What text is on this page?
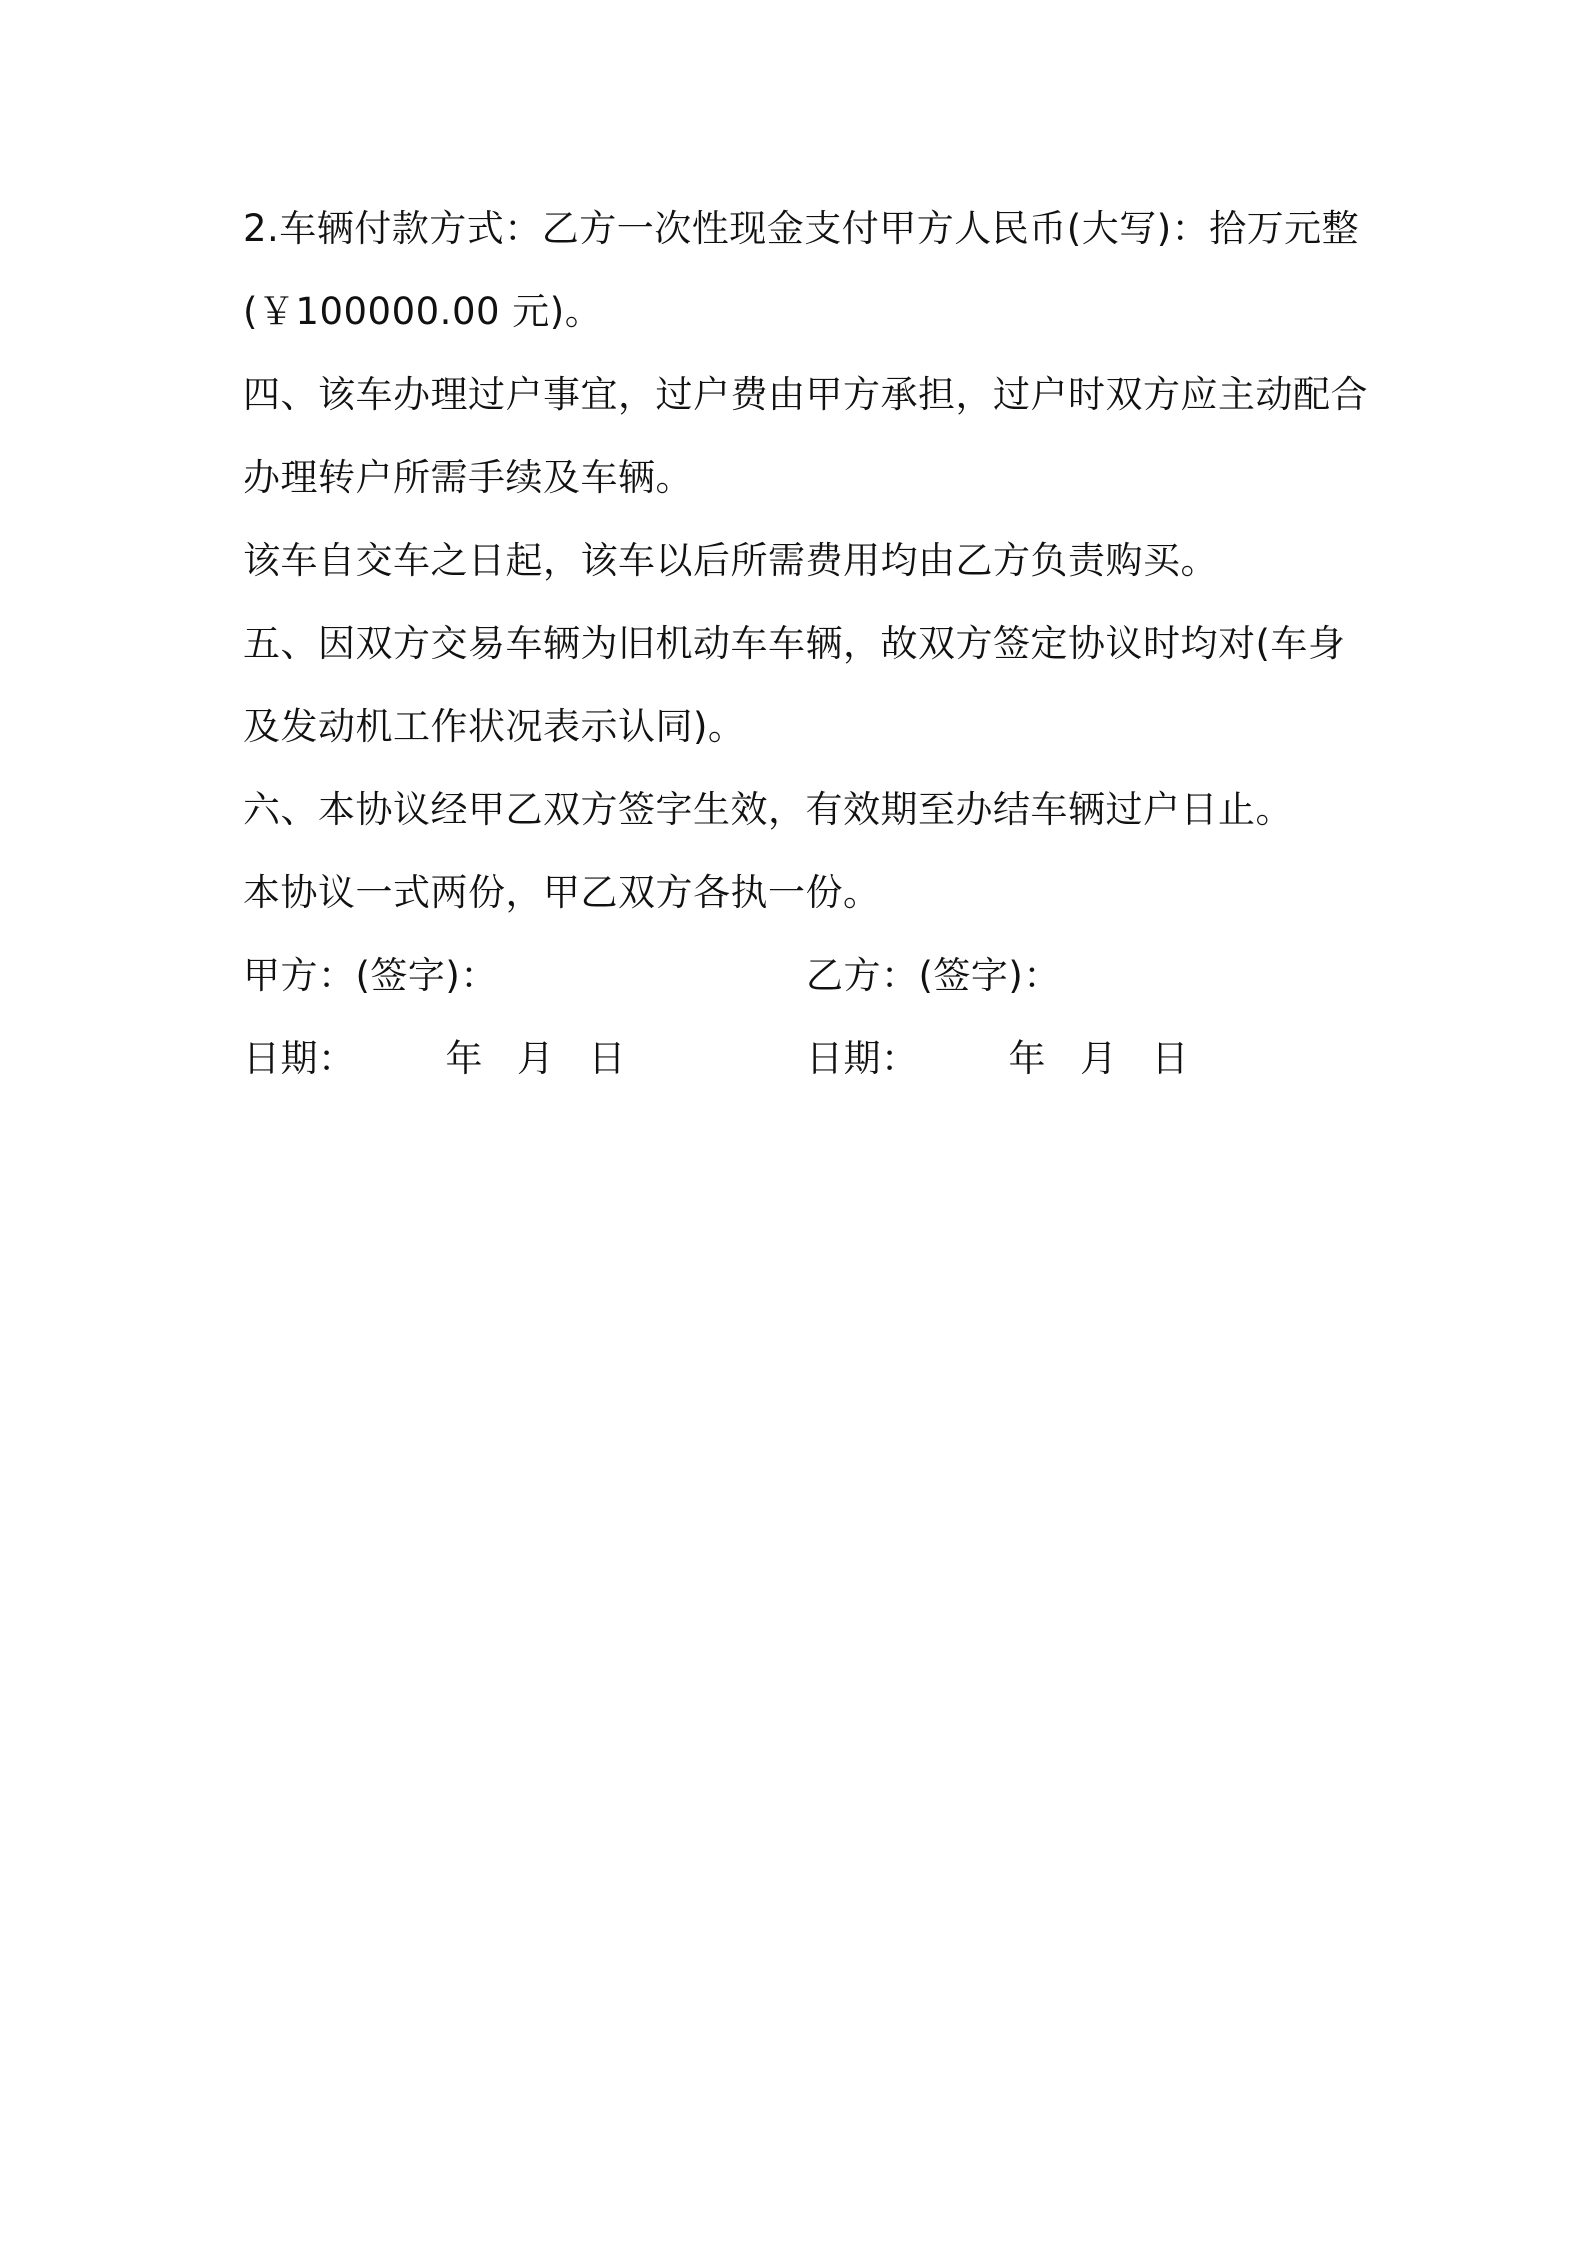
2.车辆付款方式：乙方一次性现金支付甲方人民币(大写)：拾万元整
(￥100000.00 元)。
四、该车办理过户事宜，过户费由甲方承担，过户时双方应主动配合
办理转户所需手续及车辆。
该车自交车之日起，该车以后所需费用均由乙方负责购买。
五、因双方交易车辆为旧机动车车辆，故双方签定协议时均对(车身
及发动机工作状况表示认同)。
六、本协议经甲乙双方签字生效，有效期至办结车辆过户日止。
本协议一式两份，甲乙双方各执一份。
甲方：(签字)：	乙方：(签字)：
日期： 年 月 日	日期： 年 月 日
